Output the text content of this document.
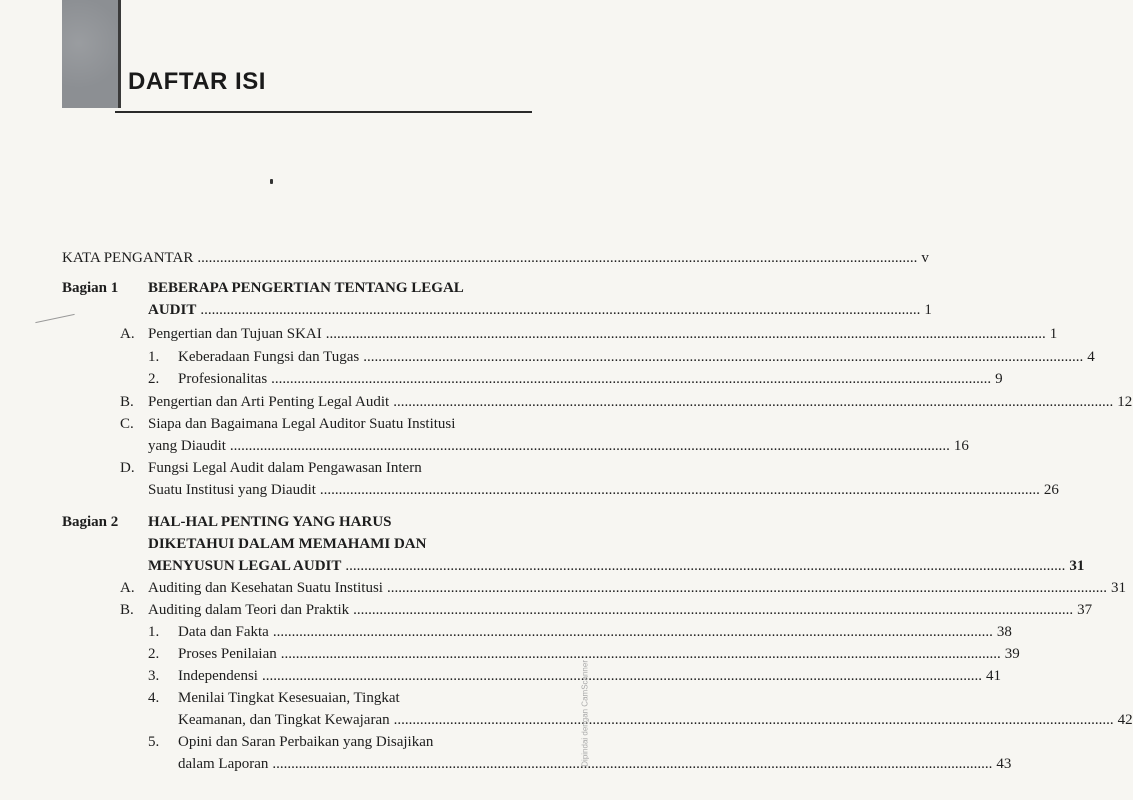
DAFTAR ISI
KATA PENGANTAR .....	v
Bagian 1 BEBERAPA PENGERTIAN TENTANG LEGAL
AUDIT .....	1
A. Pengertian dan Tujuan SKAI .....	1
1. Keberadaan Fungsi dan Tugas .....	4
2. Profesionalitas .....	9
B. Pengertian dan Arti Penting Legal Audit .....	12
C. Siapa dan Bagaimana Legal Auditor Suatu Institusi
yang Diaudit .....	16
D. Fungsi Legal Audit dalam Pengawasan Intern
Suatu Institusi yang Diaudit .....	26
Bagian 2 HAL-HAL PENTING YANG HARUS
DIKETAHUI DALAM MEMAHAMI DAN
MENYUSUN LEGAL AUDIT .....	31
A. Auditing dan Kesehatan Suatu Institusi .....	31
B. Auditing dalam Teori dan Praktik .....	37
1. Data dan Fakta .....	38
2. Proses Penilaian .....	39
3. Independensi .....	41
4. Menilai Tingkat Kesesuaian, Tingkat
Keamanan, dan Tingkat Kewajaran .....	42
5. Opini dan Saran Perbaikan yang Disajikan
dalam Laporan .....	43
Dipindai dengan CamScanner
